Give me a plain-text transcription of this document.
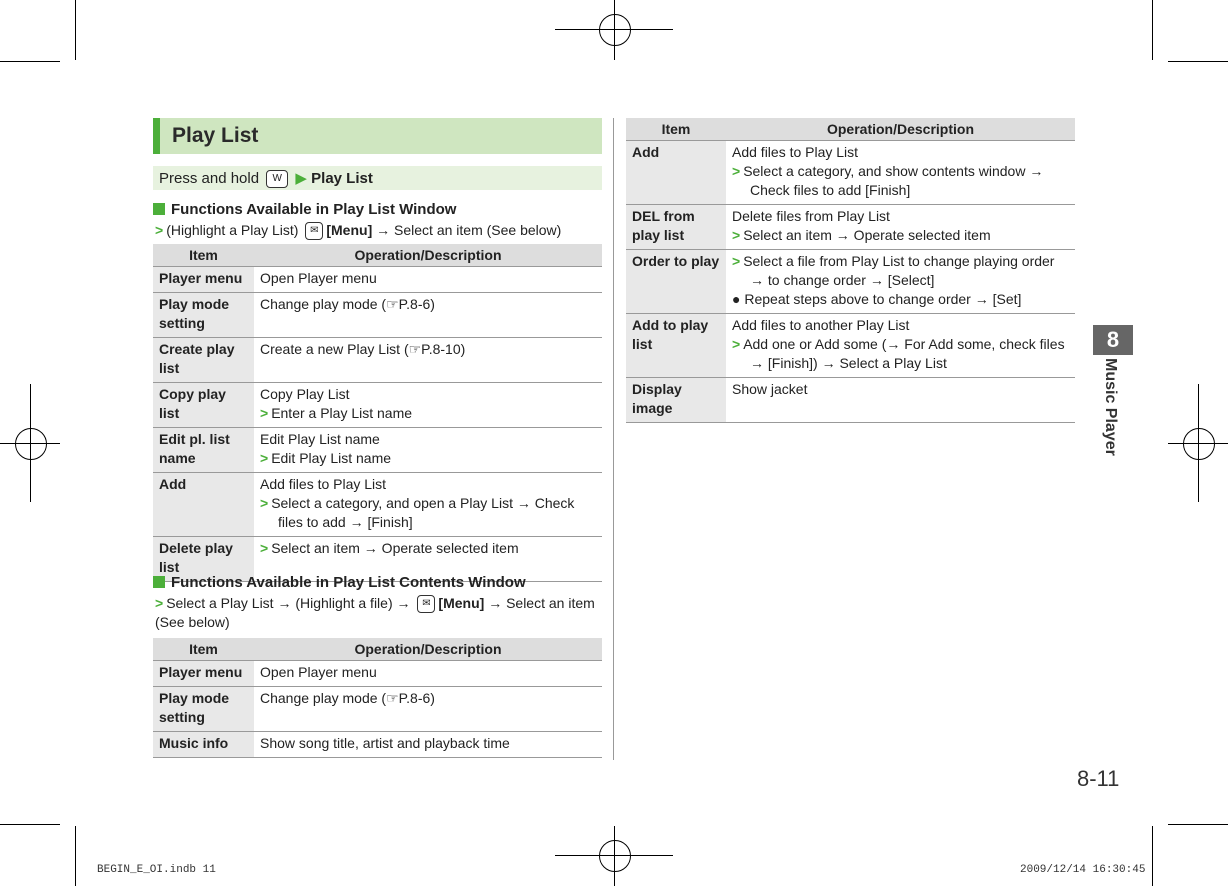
Play List
Press and hold W ▶ Play List
Functions Available in Play List Window
> (Highlight a Play List) ✉ [Menu] → Select an item (See below)
Item	Operation/Description
Player menu	Open Player menu

Play mode setting	Change play mode (☞P.8-6)

Create play list	Create a new Play List (☞P.8-10)

Copy play list	Copy Play List
> Enter a Play List name

Edit pl. list name	Edit Play List name
> Edit Play List name

Add	Add files to Play List
> Select a category, and open a Play List → Check files to add → [Finish]

Delete play list	> Select an item → Operate selected item
Functions Available in Play List Contents Window
> Select a Play List → (Highlight a file) → ✉ [Menu] → Select an item (See below)
Item	Operation/Description
Player menu	Open Player menu

Play mode setting	Change play mode (☞P.8-6)

Music info	Show song title, artist and playback time
Item	Operation/Description
Add	Add files to Play List
> Select a category, and show contents window → Check files to add [Finish]

DEL from play list	Delete files from Play List
> Select an item → Operate selected item

Order to play	> Select a file from Play List to change playing order → to change order → [Select]
● Repeat steps above to change order → [Set]

Add to play list	Add files to another Play List
> Add one or Add some (→ For Add some, check files → [Finish]) → Select a Play List

Display image	Show jacket
8
Music Player
8-11
BEGIN_E_OI.indb 11	2009/12/14 16:30:45
